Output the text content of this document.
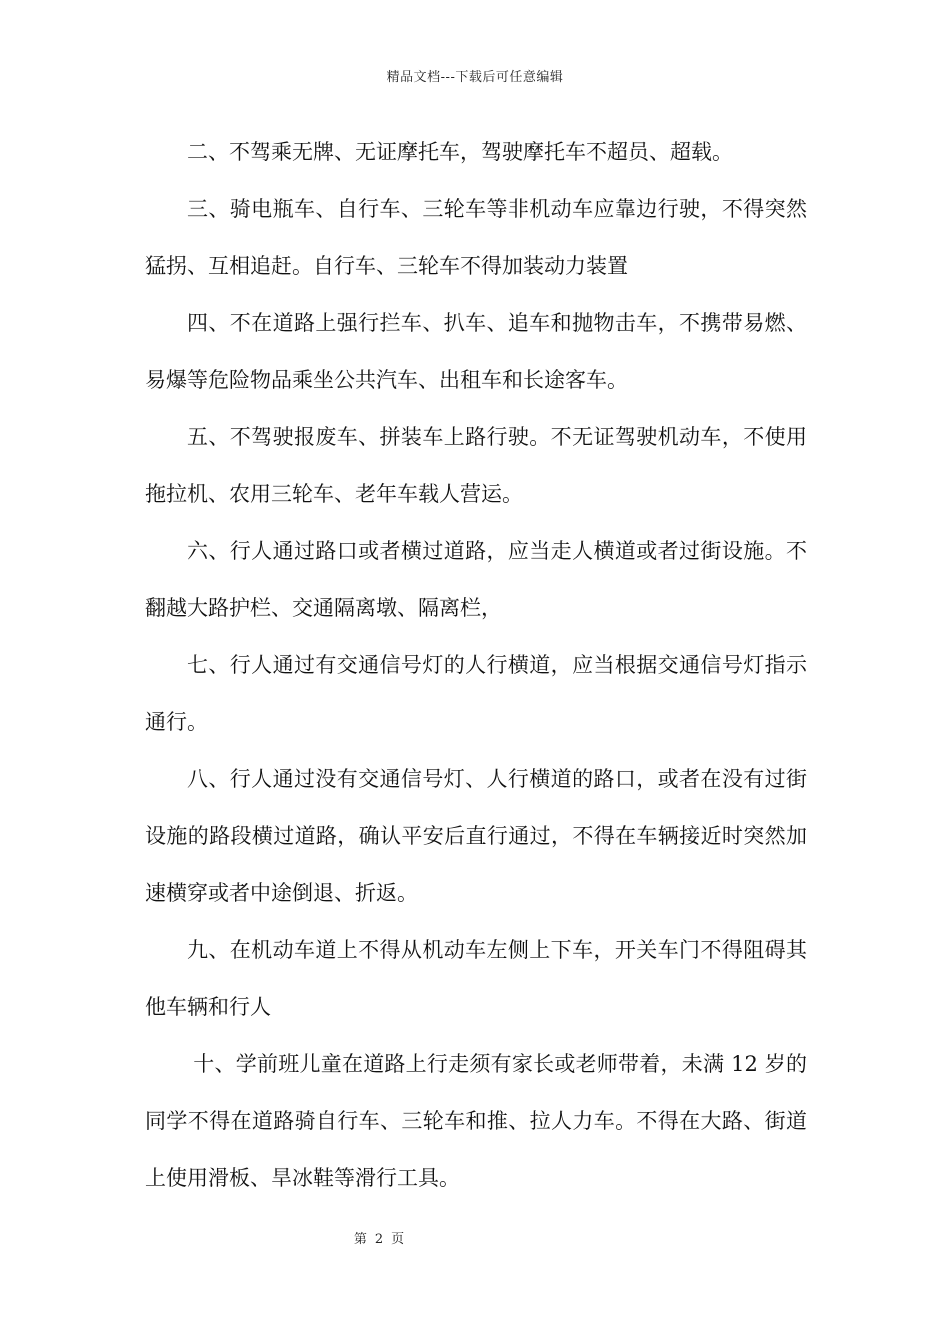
精品文档---下载后可任意编辑

二、不驾乘无牌、无证摩托车，驾驶摩托车不超员、超载。

三、骑电瓶车、自行车、三轮车等非机动车应靠边行驶，不得突然猛拐、互相追赶。自行车、三轮车不得加装动力装置

四、不在道路上强行拦车、扒车、追车和抛物击车，不携带易燃、易爆等危险物品乘坐公共汽车、出租车和长途客车。

五、不驾驶报废车、拼装车上路行驶。不无证驾驶机动车，不使用拖拉机、农用三轮车、老年车载人营运。

六、行人通过路口或者横过道路，应当走人横道或者过街设施。不翻越大路护栏、交通隔离墩、隔离栏，

七、行人通过有交通信号灯的人行横道，应当根据交通信号灯指示通行。

八、行人通过没有交通信号灯、人行横道的路口，或者在没有过街设施的路段横过道路，确认平安后直行通过，不得在车辆接近时突然加速横穿或者中途倒退、折返。

九、在机动车道上不得从机动车左侧上下车，开关车门不得阻碍其他车辆和行人

十、学前班儿童在道路上行走须有家长或老师带着，未满 12 岁的同学不得在道路骑自行车、三轮车和推、拉人力车。不得在大路、街道上使用滑板、旱冰鞋等滑行工具。

第 2 页
